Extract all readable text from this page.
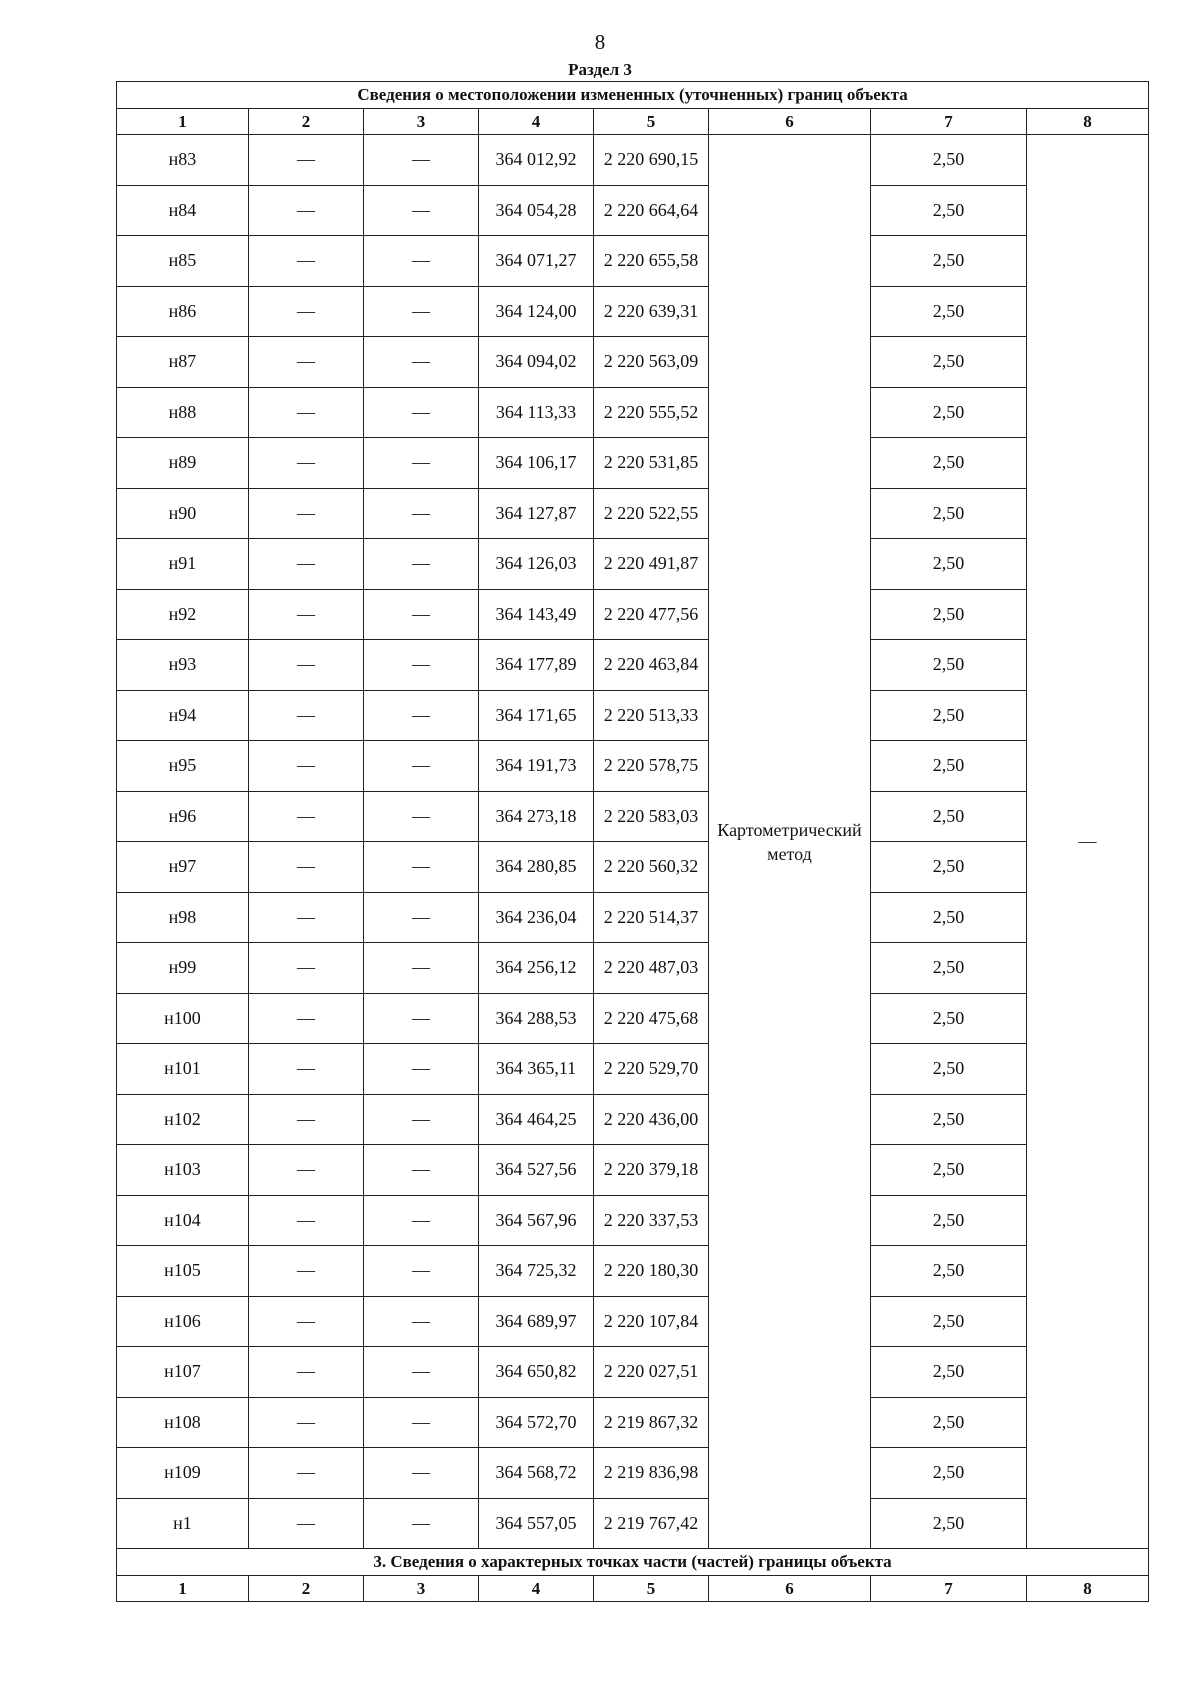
8
Раздел 3
Сведения о местоположении измененных (уточненных) границ объекта							
1	2	3	4	5	6	7	8
н83	—	—	364 012,92	2 220 690,15	Картометрический метод	2,50	—
н84	—	—	364 054,28	2 220 664,64		2,50	
н85	—	—	364 071,27	2 220 655,58		2,50	
н86	—	—	364 124,00	2 220 639,31		2,50	
н87	—	—	364 094,02	2 220 563,09		2,50	
н88	—	—	364 113,33	2 220 555,52		2,50	
н89	—	—	364 106,17	2 220 531,85		2,50	
н90	—	—	364 127,87	2 220 522,55		2,50	
н91	—	—	364 126,03	2 220 491,87		2,50	
н92	—	—	364 143,49	2 220 477,56		2,50	
н93	—	—	364 177,89	2 220 463,84		2,50	
н94	—	—	364 171,65	2 220 513,33		2,50	
н95	—	—	364 191,73	2 220 578,75		2,50	
н96	—	—	364 273,18	2 220 583,03		2,50	
н97	—	—	364 280,85	2 220 560,32		2,50	
н98	—	—	364 236,04	2 220 514,37		2,50	
н99	—	—	364 256,12	2 220 487,03		2,50	
н100	—	—	364 288,53	2 220 475,68		2,50	
н101	—	—	364 365,11	2 220 529,70		2,50	
н102	—	—	364 464,25	2 220 436,00		2,50	
н103	—	—	364 527,56	2 220 379,18		2,50	
н104	—	—	364 567,96	2 220 337,53		2,50	
н105	—	—	364 725,32	2 220 180,30		2,50	
н106	—	—	364 689,97	2 220 107,84		2,50	
н107	—	—	364 650,82	2 220 027,51		2,50	
н108	—	—	364 572,70	2 219 867,32		2,50	
н109	—	—	364 568,72	2 219 836,98		2,50	
н1	—	—	364 557,05	2 219 767,42		2,50	
3. Сведения о характерных точках части (частей) границы объекта							
1	2	3	4	5	6	7	8
